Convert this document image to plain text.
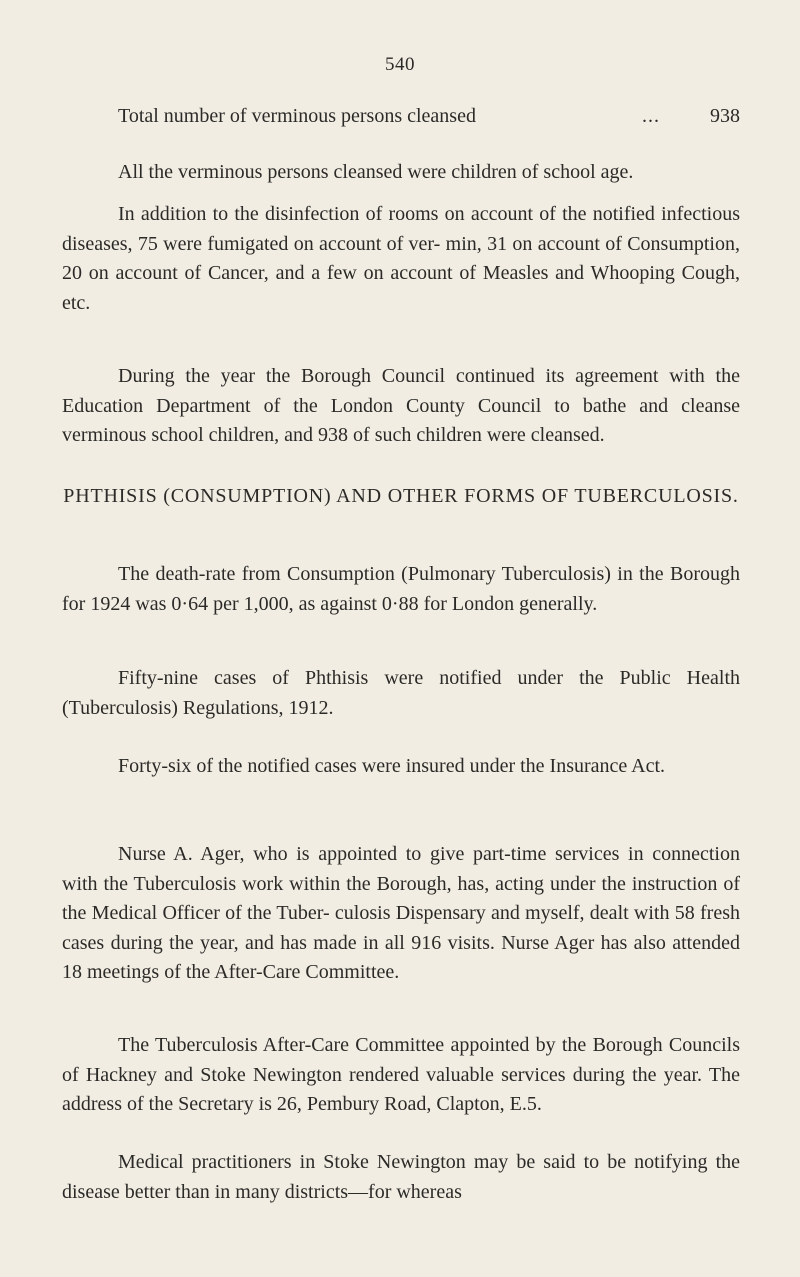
540
Total number of verminous persons cleansed	...	938

All the verminous persons cleansed were children of school age.

In addition to the disinfection of rooms on account of the notified infectious diseases, 75 were fumigated on account of ver- min, 31 on account of Consumption, 20 on account of Cancer, and a few on account of Measles and Whooping Cough, etc.

During the year the Borough Council continued its agreement with the Education Department of the London County Council to bathe and cleanse verminous school children, and 938 of such children were cleansed.

PHTHISIS (CONSUMPTION) AND OTHER FORMS OF TUBERCULOSIS.

The death-rate from Consumption (Pulmonary Tuberculosis) in the Borough for 1924 was 0·64 per 1,000, as against 0·88 for London generally.

Fifty-nine cases of Phthisis were notified under the Public Health (Tuberculosis) Regulations, 1912.

Forty-six of the notified cases were insured under the Insurance Act.

Nurse A. Ager, who is appointed to give part-time services in connection with the Tuberculosis work within the Borough, has, acting under the instruction of the Medical Officer of the Tuber- culosis Dispensary and myself, dealt with 58 fresh cases during the year, and has made in all 916 visits. Nurse Ager has also attended 18 meetings of the After-Care Committee.

The Tuberculosis After-Care Committee appointed by the Borough Councils of Hackney and Stoke Newington rendered valuable services during the year. The address of the Secretary is 26, Pembury Road, Clapton, E.5.

Medical practitioners in Stoke Newington may be said to be notifying the disease better than in many districts—for whereas
